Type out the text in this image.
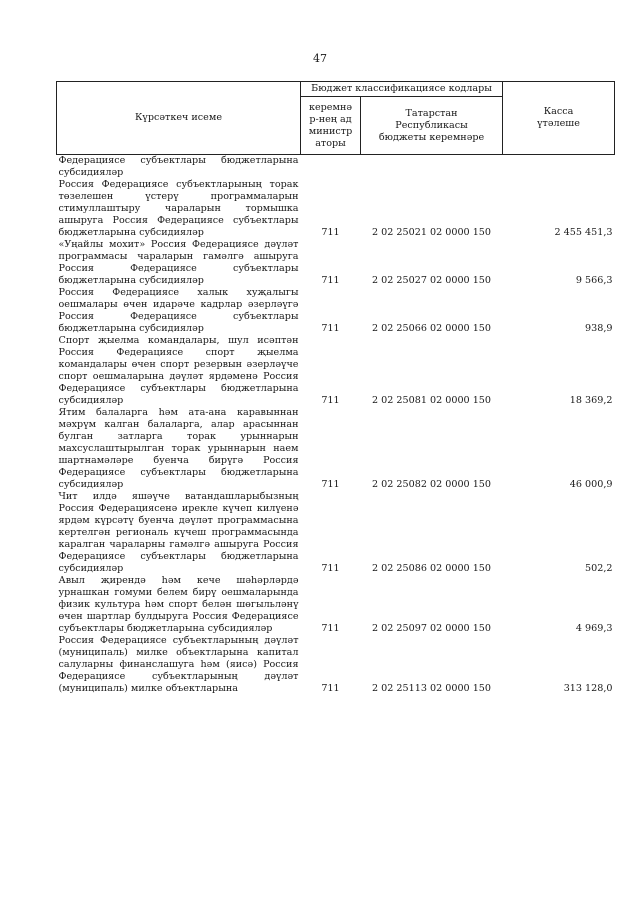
47
Күрсәткеч исеме	Бюджет классификациясе кодлары		Касса үтәлеше
	керемнәр-нең администраторы	Татарстан Республикасы бюджеты керемнәре	
Федерациясе субъектлары бюджетларына субсидияләр			
Россия Федерациясе субъектларының торак төзелешен үстерү программаларын стимуллаштыру чараларын тормышка ашыруга Россия Федерациясе субъектлары бюджетларына субсидияләр	711	2 02 25021 02 0000 150	2 455 451,3
«Уңайлы мохит» Россия Федерациясе дәүләт программасы чараларын гамәлгә ашыруга Россия Федерациясе субъектлары бюджетларына субсидияләр	711	2 02 25027 02 0000 150	9 566,3
Россия Федерациясе халык хуҗалыгы оешмалары өчен идарәче кадрлар әзерләүгә Россия Федерациясе субъектлары бюджетларына субсидияләр	711	2 02 25066 02 0000 150	938,9
Спорт җыелма командалары, шул исәптән Россия Федерациясе спорт җыелма командалары өчен спорт резервын әзерләүче спорт оешмаларына дәүләт ярдәменә Россия Федерациясе субъектлары бюджетларына субсидияләр	711	2 02 25081 02 0000 150	18 369,2
Ятим балаларга һәм ата-ана каравыннан мәхрүм калган балаларга, алар арасыннан булган затларга торак урыннарын махсуслаштырылган торак урыннарын наем шартнамәләре буенча бирүгә Россия Федерациясе субъектлары бюджетларына субсидияләр	711	2 02 25082 02 0000 150	46 000,9
Чит илдә яшәүче ватандашларыбызның Россия Федерациясенә ирекле күчеп килүенә ярдәм күрсәтү буенча дәүләт программасына кертелгән региональ күчеш программасында каралган чараларны гамәлгә ашыруга Россия Федерациясе субъектлары бюджетларына субсидияләр	711	2 02 25086 02 0000 150	502,2
Авыл җирендә һәм кече шәһәрләрдә урнашкан гомуми белем бирү оешмаларында физик культура һәм спорт белән шөгыльләнү өчен шартлар булдыруга Россия Федерациясе субъектлары бюджетларына субсидияләр	711	2 02 25097 02 0000 150	4 969,3
Россия Федерациясе субъектларының дәүләт (муниципаль) милке объектларына капитал салуларны финанслашуга һәм (яисә) Россия Федерациясе субъектларының дәүләт (муниципаль) милке объектларына	711	2 02 25113 02 0000 150	313 128,0
